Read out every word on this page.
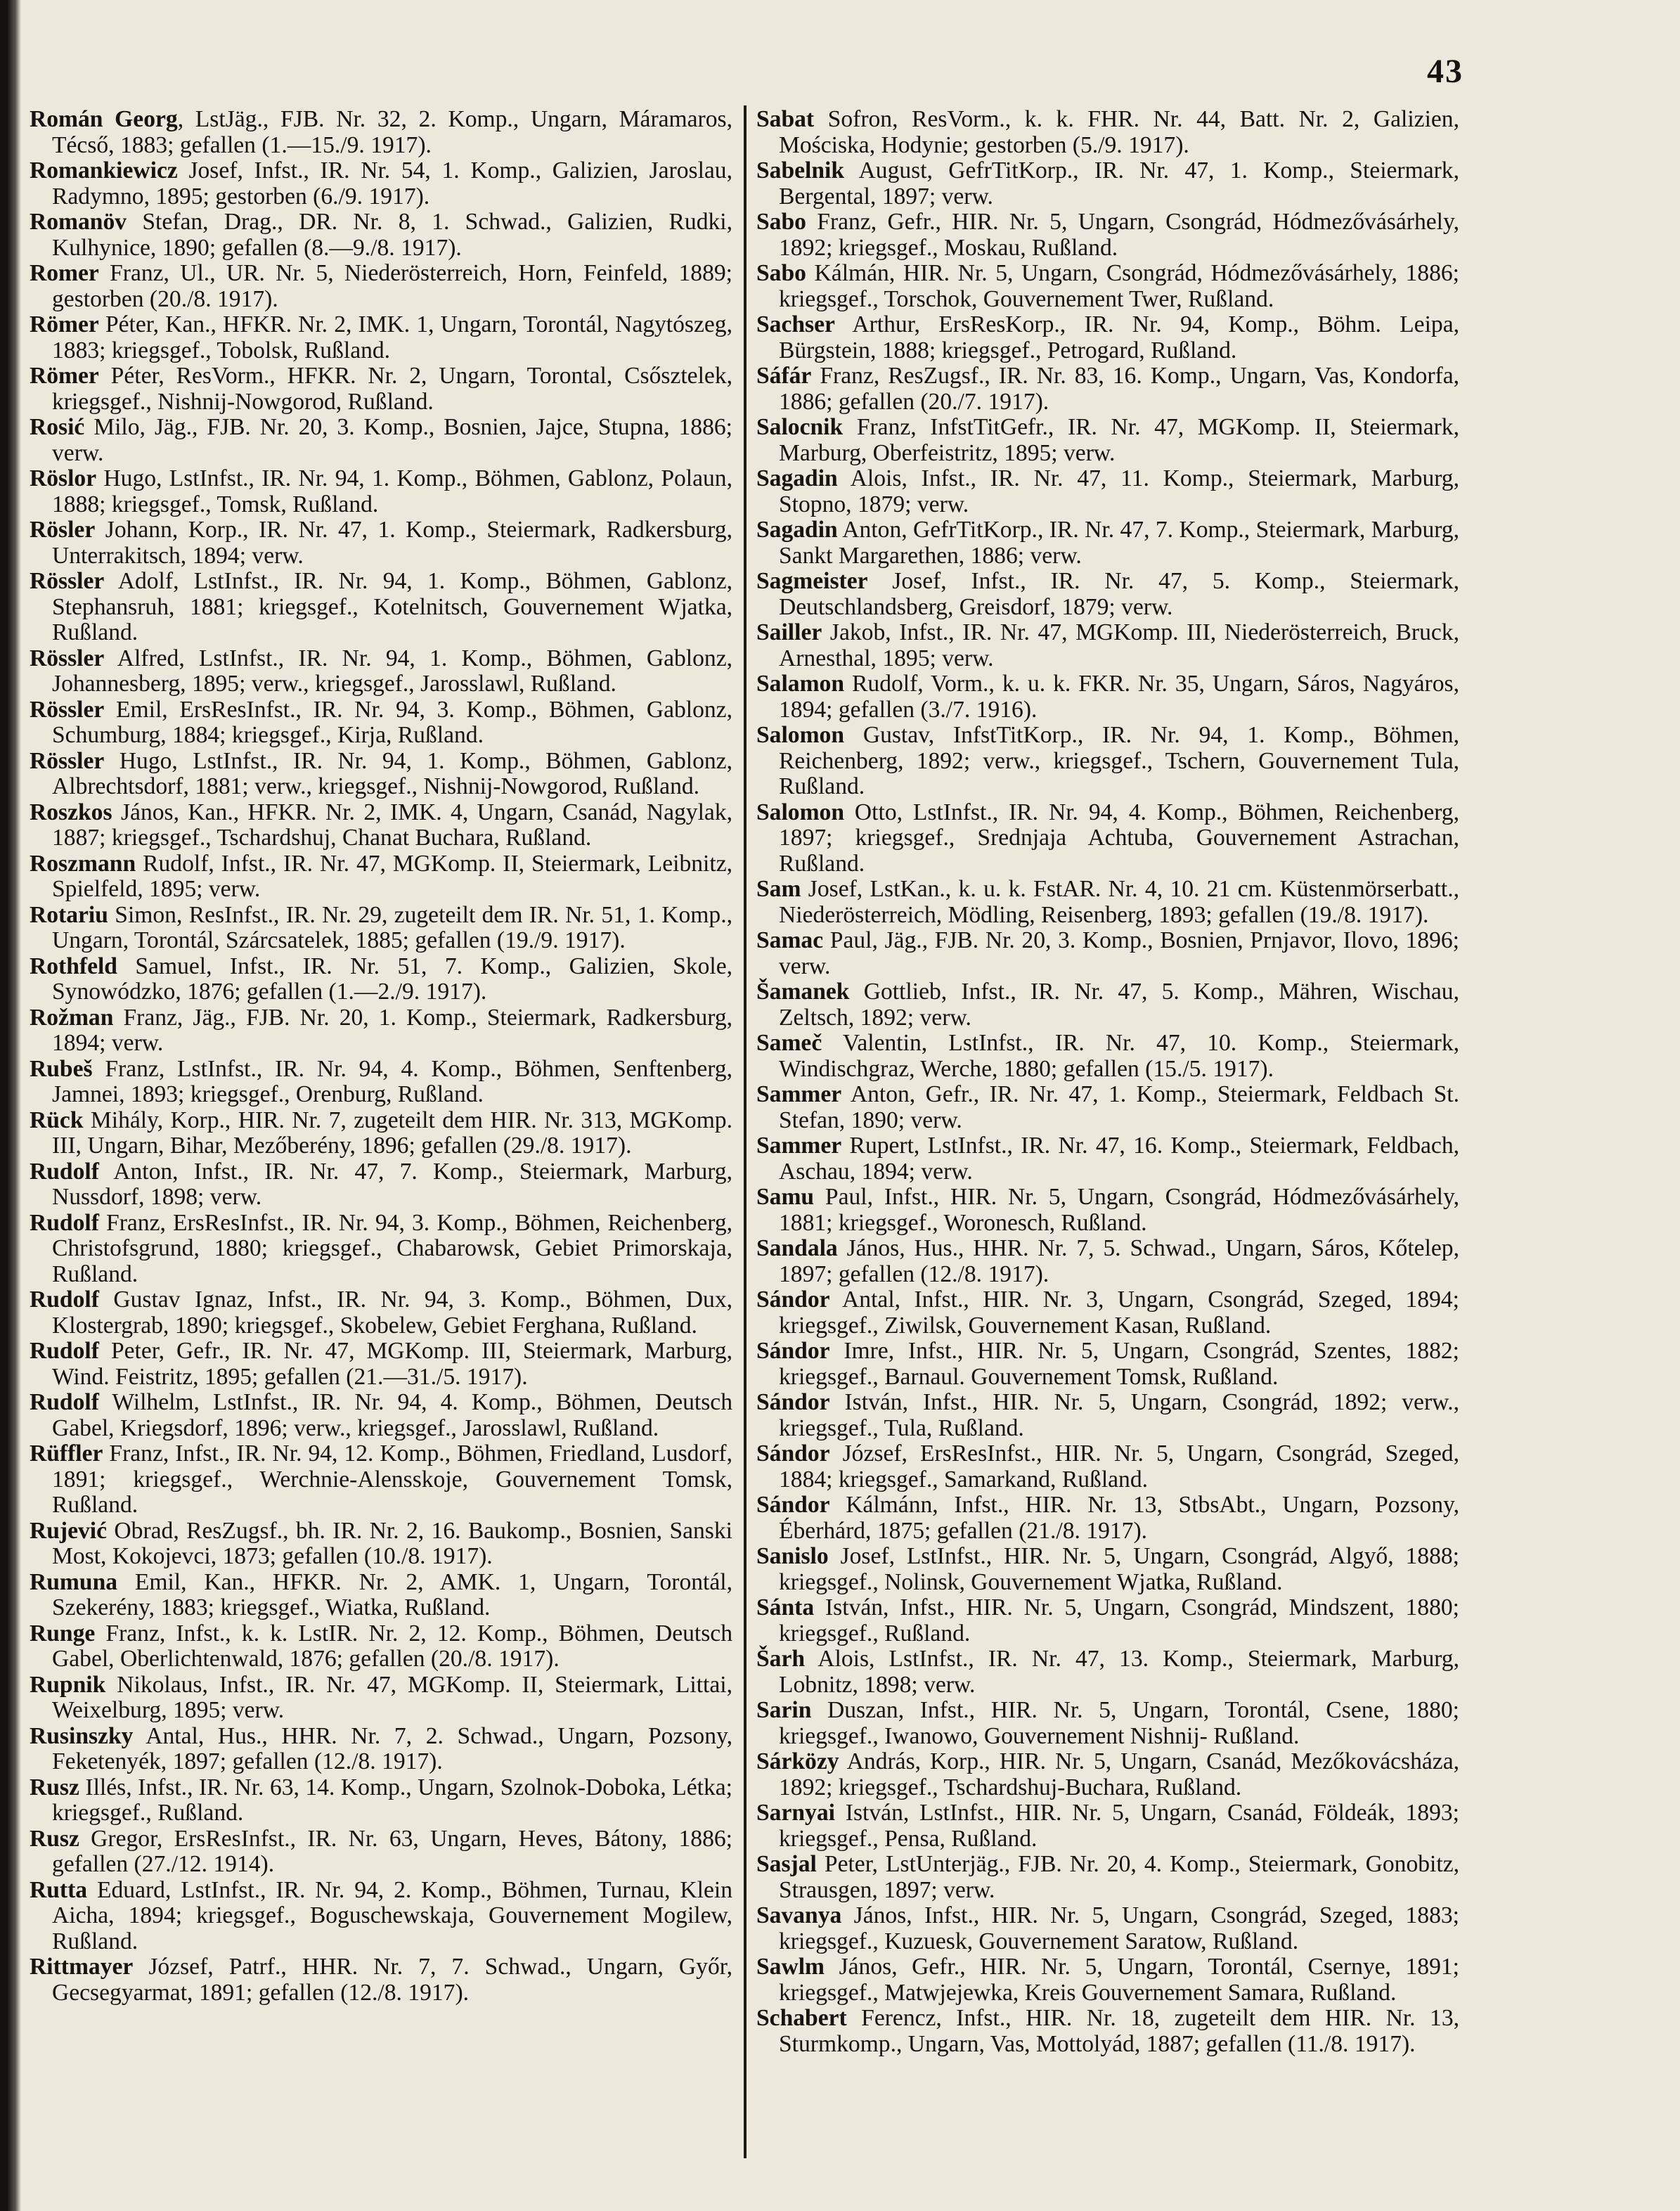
43

Román Georg, LstJäg., FJB. Nr. 32, 2. Komp., Ungarn, Máramaros, Técső, 1883; gefallen (1.—15./9. 1917).

Romankiewicz Josef, Infst., IR. Nr. 54, 1. Komp., Galizien, Jaroslau, Radymno, 1895; gestorben (6./9. 1917).

Romanöv Stefan, Drag., DR. Nr. 8, 1. Schwad., Galizien, Rudki, Kulhynice, 1890; gefallen (8.—9./8. 1917).

Romer Franz, Ul., UR. Nr. 5, Niederösterreich, Horn, Feinfeld, 1889; gestorben (20./8. 1917).

Römer Péter, Kan., HFKR. Nr. 2, IMK. 1, Ungarn, Torontál, Nagytószeg, 1883; kriegsgef., Tobolsk, Rußland.

Römer Péter, ResVorm., HFKR. Nr. 2, Ungarn, Torontal, Csősztelek, kriegsgef., Nishnij-Nowgorod, Rußland.

Rosić Milo, Jäg., FJB. Nr. 20, 3. Komp., Bosnien, Jajce, Stupna, 1886; verw.

Röslor Hugo, LstInfst., IR. Nr. 94, 1. Komp., Böhmen, Gablonz, Polaun, 1888; kriegsgef., Tomsk, Rußland.

Rösler Johann, Korp., IR. Nr. 47, 1. Komp., Steiermark, Radkersburg, Unterrakitsch, 1894; verw.

Rössler Adolf, LstInfst., IR. Nr. 94, 1. Komp., Böhmen, Gablonz, Stephansruh, 1881; kriegsgef., Kotelnitsch, Gouvernement Wjatka, Rußland.

Rössler Alfred, LstInfst., IR. Nr. 94, 1. Komp., Böhmen, Gablonz, Johannesberg, 1895; verw., kriegsgef., Jarosslawl, Rußland.

Rössler Emil, ErsResInfst., IR. Nr. 94, 3. Komp., Böhmen, Gablonz, Schumburg, 1884; kriegsgef., Kirja, Rußland.

Rössler Hugo, LstInfst., IR. Nr. 94, 1. Komp., Böhmen, Gablonz, Albrechtsdorf, 1881; verw., kriegsgef., Nishnij-Nowgorod, Rußland.

Roszkos János, Kan., HFKR. Nr. 2, IMK. 4, Ungarn, Csanád, Nagylak, 1887; kriegsgef., Tschardshuj, Chanat Buchara, Rußland.

Roszmann Rudolf, Infst., IR. Nr. 47, MGKomp. II, Steiermark, Leibnitz, Spielfeld, 1895; verw.

Rotariu Simon, ResInfst., IR. Nr. 29, zugeteilt dem IR. Nr. 51, 1. Komp., Ungarn, Torontál, Szárcsatelek, 1885; gefallen (19./9. 1917).

Rothfeld Samuel, Infst., IR. Nr. 51, 7. Komp., Galizien, Skole, Synowódzko, 1876; gefallen (1.—2./9. 1917).

Rožman Franz, Jäg., FJB. Nr. 20, 1. Komp., Steiermark, Radkersburg, 1894; verw.

Rubeš Franz, LstInfst., IR. Nr. 94, 4. Komp., Böhmen, Senftenberg, Jamnei, 1893; kriegsgef., Orenburg, Rußland.

Rück Mihály, Korp., HIR. Nr. 7, zugeteilt dem HIR. Nr. 313, MGKomp. III, Ungarn, Bihar, Mezőberény, 1896; gefallen (29./8. 1917).

Rudolf Anton, Infst., IR. Nr. 47, 7. Komp., Steiermark, Marburg, Nussdorf, 1898; verw.

Rudolf Franz, ErsResInfst., IR. Nr. 94, 3. Komp., Böhmen, Reichenberg, Christofsgrund, 1880; kriegsgef., Chabarowsk, Gebiet Primorskaja, Rußland.

Rudolf Gustav Ignaz, Infst., IR. Nr. 94, 3. Komp., Böhmen, Dux, Klostergrab, 1890; kriegsgef., Skobelew, Gebiet Ferghana, Rußland.

Rudolf Peter, Gefr., IR. Nr. 47, MGKomp. III, Steiermark, Marburg, Wind. Feistritz, 1895; gefallen (21.—31./5. 1917).

Rudolf Wilhelm, LstInfst., IR. Nr. 94, 4. Komp., Böhmen, Deutsch Gabel, Kriegsdorf, 1896; verw., kriegsgef., Jarosslawl, Rußland.

Rüffler Franz, Infst., IR. Nr. 94, 12. Komp., Böhmen, Friedland, Lusdorf, 1891; kriegsgef., Werchnie-Alensskoje, Gouvernement Tomsk, Rußland.

Rujević Obrad, ResZugsf., bh. IR. Nr. 2, 16. Baukomp., Bosnien, Sanski Most, Kokojevci, 1873; gefallen (10./8. 1917).

Rumuna Emil, Kan., HFKR. Nr. 2, AMK. 1, Ungarn, Torontál, Szekerény, 1883; kriegsgef., Wiatka, Rußland.

Runge Franz, Infst., k. k. LstIR. Nr. 2, 12. Komp., Böhmen, Deutsch Gabel, Oberlichtenwald, 1876; gefallen (20./8. 1917).

Rupnik Nikolaus, Infst., IR. Nr. 47, MGKomp. II, Steiermark, Littai, Weixelburg, 1895; verw.

Rusinszky Antal, Hus., HHR. Nr. 7, 2. Schwad., Ungarn, Pozsony, Feketenyék, 1897; gefallen (12./8. 1917).

Rusz Illés, Infst., IR. Nr. 63, 14. Komp., Ungarn, Szolnok-Doboka, Létka; kriegsgef., Rußland.

Rusz Gregor, ErsResInfst., IR. Nr. 63, Ungarn, Heves, Bátony, 1886; gefallen (27./12. 1914).

Rutta Eduard, LstInfst., IR. Nr. 94, 2. Komp., Böhmen, Turnau, Klein Aicha, 1894; kriegsgef., Boguschewskaja, Gouvernement Mogilew, Rußland.

Rittmayer József, Patrf., HHR. Nr. 7, 7. Schwad., Ungarn, Győr, Gecsegyarmat, 1891; gefallen (12./8. 1917).

Sabat Sofron, ResVorm., k. k. FHR. Nr. 44, Batt. Nr. 2, Galizien, Mościska, Hodynie; gestorben (5./9. 1917).

Sabelnik August, GefrTitKorp., IR. Nr. 47, 1. Komp., Steiermark, Bergental, 1897; verw.

Sabo Franz, Gefr., HIR. Nr. 5, Ungarn, Csongrád, Hódmezővásárhely, 1892; kriegsgef., Moskau, Rußland.

Sabo Kálmán, HIR. Nr. 5, Ungarn, Csongrád, Hódmezővásárhely, 1886; kriegsgef., Torschok, Gouvernement Twer, Rußland.

Sachser Arthur, ErsResKorp., IR. Nr. 94, Komp., Böhm. Leipa, Bürgstein, 1888; kriegsgef., Petrogard, Rußland.

Sáfár Franz, ResZugsf., IR. Nr. 83, 16. Komp., Ungarn, Vas, Kondorfa, 1886; gefallen (20./7. 1917).

Salocnik Franz, InfstTitGefr., IR. Nr. 47, MGKomp. II, Steiermark, Marburg, Oberfeistritz, 1895; verw.

Sagadin Alois, Infst., IR. Nr. 47, 11. Komp., Steiermark, Marburg, Stopno, 1879; verw.

Sagadin Anton, GefrTitKorp., IR. Nr. 47, 7. Komp., Steiermark, Marburg, Sankt Margarethen, 1886; verw.

Sagmeister Josef, Infst., IR. Nr. 47, 5. Komp., Steiermark, Deutschlandsberg, Greisdorf, 1879; verw.

Sailler Jakob, Infst., IR. Nr. 47, MGKomp. III, Niederösterreich, Bruck, Arnesthal, 1895; verw.

Salamon Rudolf, Vorm., k. u. k. FKR. Nr. 35, Ungarn, Sáros, Nagyáros, 1894; gefallen (3./7. 1916).

Salomon Gustav, InfstTitKorp., IR. Nr. 94, 1. Komp., Böhmen, Reichenberg, 1892; verw., kriegsgef., Tschern, Gouvernement Tula, Rußland.

Salomon Otto, LstInfst., IR. Nr. 94, 4. Komp., Böhmen, Reichenberg, 1897; kriegsgef., Srednjaja Achtuba, Gouvernement Astrachan, Rußland.

Sam Josef, LstKan., k. u. k. FstAR. Nr. 4, 10. 21 cm. Küstenmörserbatt., Niederösterreich, Mödling, Reisenberg, 1893; gefallen (19./8. 1917).

Samac Paul, Jäg., FJB. Nr. 20, 3. Komp., Bosnien, Prnjavor, Ilovo, 1896; verw.

Šamanek Gottlieb, Infst., IR. Nr. 47, 5. Komp., Mähren, Wischau, Zeltsch, 1892; verw.

Sameč Valentin, LstInfst., IR. Nr. 47, 10. Komp., Steiermark, Windischgraz, Werche, 1880; gefallen (15./5. 1917).

Sammer Anton, Gefr., IR. Nr. 47, 1. Komp., Steiermark, Feldbach St. Stefan, 1890; verw.

Sammer Rupert, LstInfst., IR. Nr. 47, 16. Komp., Steiermark, Feldbach, Aschau, 1894; verw.

Samu Paul, Infst., HIR. Nr. 5, Ungarn, Csongrád, Hódmezővásárhely, 1881; kriegsgef., Woronesch, Rußland.

Sandala János, Hus., HHR. Nr. 7, 5. Schwad., Ungarn, Sáros, Kőtelep, 1897; gefallen (12./8. 1917).

Sándor Antal, Infst., HIR. Nr. 3, Ungarn, Csongrád, Szeged, 1894; kriegsgef., Ziwilsk, Gouvernement Kasan, Rußland.

Sándor Imre, Infst., HIR. Nr. 5, Ungarn, Csongrád, Szentes, 1882; kriegsgef., Barnaul. Gouvernement Tomsk, Rußland.

Sándor István, Infst., HIR. Nr. 5, Ungarn, Csongrád, 1892; verw., kriegsgef., Tula, Rußland.

Sándor József, ErsResInfst., HIR. Nr. 5, Ungarn, Csongrád, Szeged, 1884; kriegsgef., Samarkand, Rußland.

Sándor Kálmánn, Infst., HIR. Nr. 13, StbsAbt., Ungarn, Pozsony, Éberhárd, 1875; gefallen (21./8. 1917).

Sanislo Josef, LstInfst., HIR. Nr. 5, Ungarn, Csongrád, Algyő, 1888; kriegsgef., Nolinsk, Gouvernement Wjatka, Rußland.

Sánta István, Infst., HIR. Nr. 5, Ungarn, Csongrád, Mindszent, 1880; kriegsgef., Rußland.

Šarh Alois, LstInfst., IR. Nr. 47, 13. Komp., Steiermark, Marburg, Lobnitz, 1898; verw.

Sarin Duszan, Infst., HIR. Nr. 5, Ungarn, Torontál, Csene, 1880; kriegsgef., Iwanowo, Gouvernement Nishnij- Rußland.

Sárközy András, Korp., HIR. Nr. 5, Ungarn, Csanád, Mezőkovácsháza, 1892; kriegsgef., Tschardshuj-Buchara, Rußland.

Sarnyai István, LstInfst., HIR. Nr. 5, Ungarn, Csanád, Földeák, 1893; kriegsgef., Pensa, Rußland.

Sasjal Peter, LstUnterjäg., FJB. Nr. 20, 4. Komp., Steiermark, Gonobitz, Strausgen, 1897; verw.

Savanya János, Infst., HIR. Nr. 5, Ungarn, Csongrád, Szeged, 1883; kriegsgef., Kuzuesk, Gouvernement Saratow, Rußland.

Sawlm János, Gefr., HIR. Nr. 5, Ungarn, Torontál, Csernye, 1891; kriegsgef., Matwjejewka, Kreis Gouvernement Samara, Rußland.

Schabert Ferencz, Infst., HIR. Nr. 18, zugeteilt dem HIR. Nr. 13, Sturmkomp., Ungarn, Vas, Mottolyád, 1887; gefallen (11./8. 1917).
